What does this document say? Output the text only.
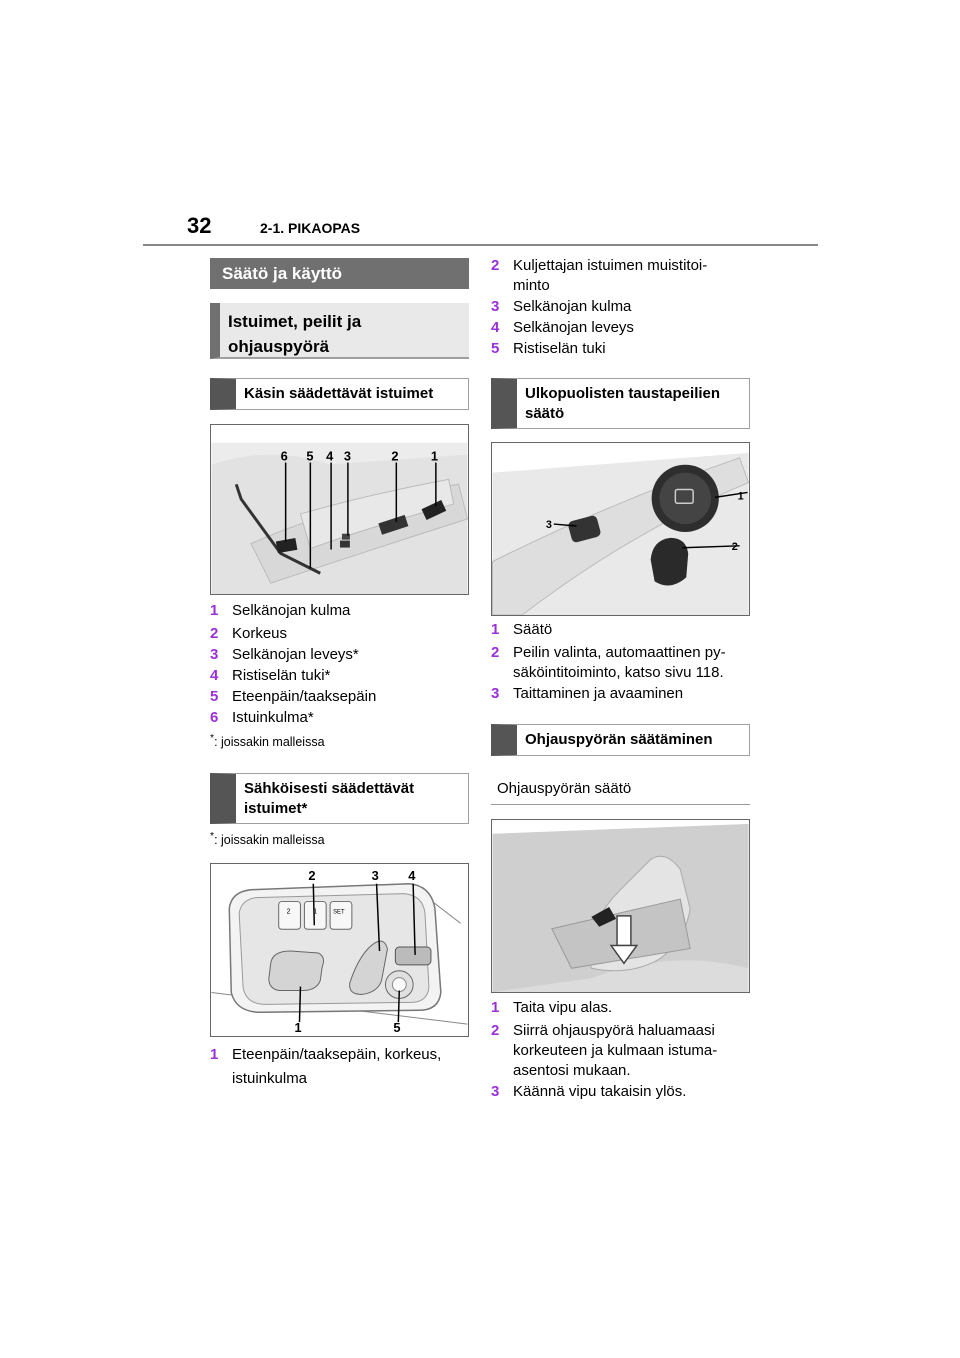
32	2-1. PIKAOPAS
Säätö ja käyttö
Istuimet, peilit ja
ohjauspyörä
Käsin säädettävät istuimet
6 5 4 3	2 1
1 Selkänojan kulma
2 Korkeus
3 Selkänojan leveys*
4 Ristiselän tuki*
5 Eteenpäin/taaksepäin
6 Istuinkulma*
*: joissakin malleissa
Sähköisesti säädettävät
istuimet*
*: joissakin malleissa
2	1	SET
2	3 4
1	5
1 Eteenpäin/taaksepäin, korkeus,
istuinkulma
2 Kuljettajan istuimen muistitoi-
minto
3 Selkänojan kulma
4 Selkänojan leveys
5 Ristiselän tuki
Ulkopuolisten taustapeilien
säätö
1
3
2
1 Säätö
2 Peilin valinta, automaattinen py-
säköintitoiminto, katso sivu 118.
3 Taittaminen ja avaaminen
Ohjauspyörän säätäminen
Ohjauspyörän säätö
1 Taita vipu alas.
2 Siirrä ohjauspyörä haluamaasi
korkeuteen ja kulmaan istuma-
asentosi mukaan.
3 Käännä vipu takaisin ylös.
